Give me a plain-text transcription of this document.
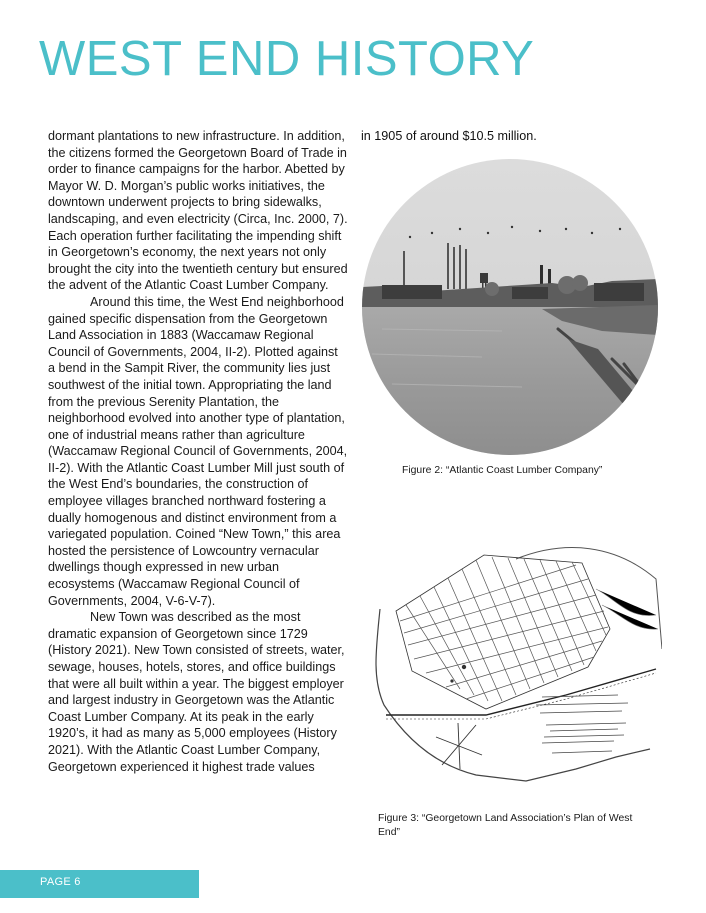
WEST END HISTORY

dormant plantations to new infrastructure. In addition, the citizens formed the Georgetown Board of Trade in order to finance campaigns for the harbor. Abetted by Mayor W. D. Morgan’s public works initiatives, the downtown underwent projects to bring sidewalks, landscaping, and even electricity (Circa, Inc. 2000, 7). Each operation further facilitating the impending shift in Georgetown’s economy, the next years not only brought the city into the twentieth century but ensured the advent of the Atlantic Coast Lumber Company.

Around this time, the West End neighborhood gained specific dispensation from the Georgetown Land Association in 1883 (Waccamaw Regional Council of Governments, 2004, II-2). Plotted against a bend in the Sampit River, the community lies just southwest of the initial town. Appropriating the land from the previous Serenity Plantation, the neighborhood evolved into another type of plantation, one of industrial means rather than agriculture (Waccamaw Regional Council of Governments, 2004, II-2). With the Atlantic Coast Lumber Mill just south of the West End’s boundaries, the construction of employee villages branched northward fostering a dually homogenous and distinct environment from a variegated population. Coined “New Town,” this area hosted the persistence of Lowcountry vernacular dwellings though expressed in new urban ecosystems (Waccamaw Regional Council of Governments, 2004, V-6-V-7).

New Town was described as the most dramatic expansion of Georgetown since 1729 (History 2021). New Town consisted of streets, water, sewage, houses, hotels, stores, and office buildings that were all built within a year. The biggest employer and largest industry in Georgetown was the Atlantic Coast Lumber Company. At its peak in the early 1920’s, it had as many as 5,000 employees (History 2021). With the Atlantic Coast Lumber Company, Georgetown experienced it highest trade values

in 1905 of around $10.5 million.
Figure 2: “Atlantic Coast Lumber Company”
Figure 3: “Georgetown Land Association’s Plan of West End”
PAGE 6
